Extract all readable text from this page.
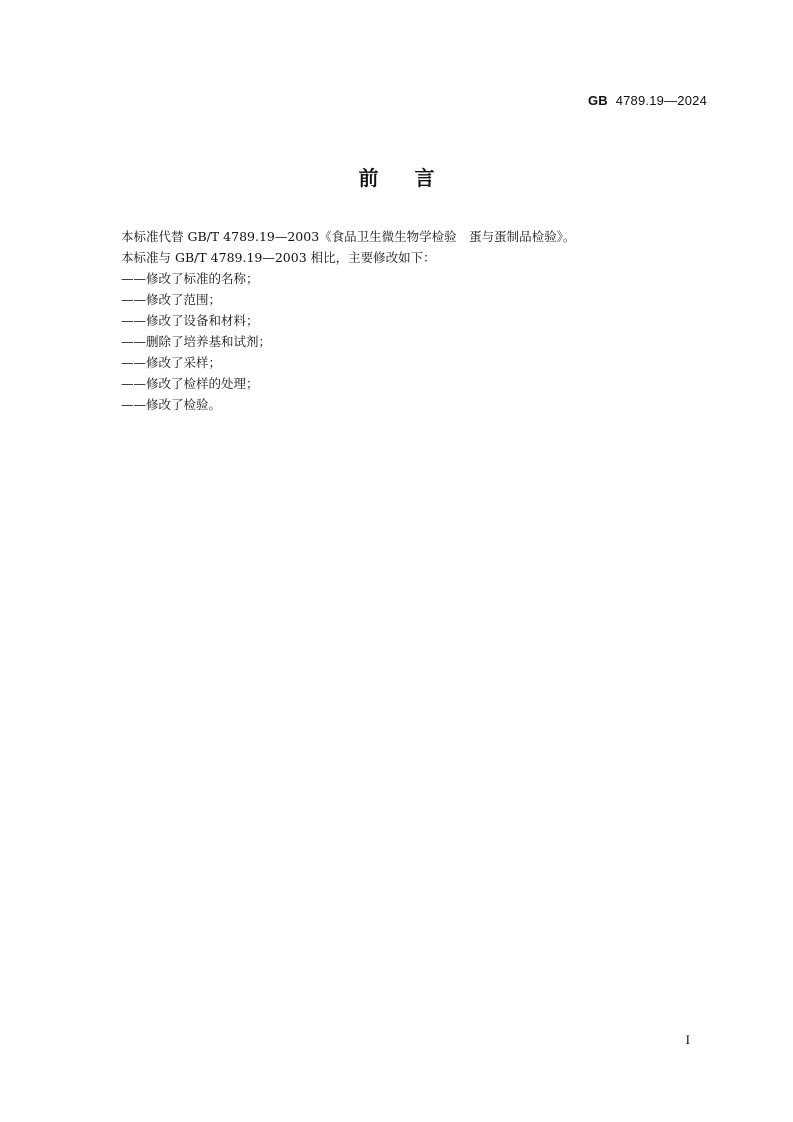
GB 4789.19—2024
前言

本标准代替 GB/T 4789.19—2003《食品卫生微生物学检验　蛋与蛋制品检验》。

本标准与 GB/T 4789.19—2003 相比，主要修改如下：

——修改了标准的名称；

——修改了范围；

——修改了设备和材料；

——删除了培养基和试剂；

——修改了采样；

——修改了检样的处理；

——修改了检验。

I
